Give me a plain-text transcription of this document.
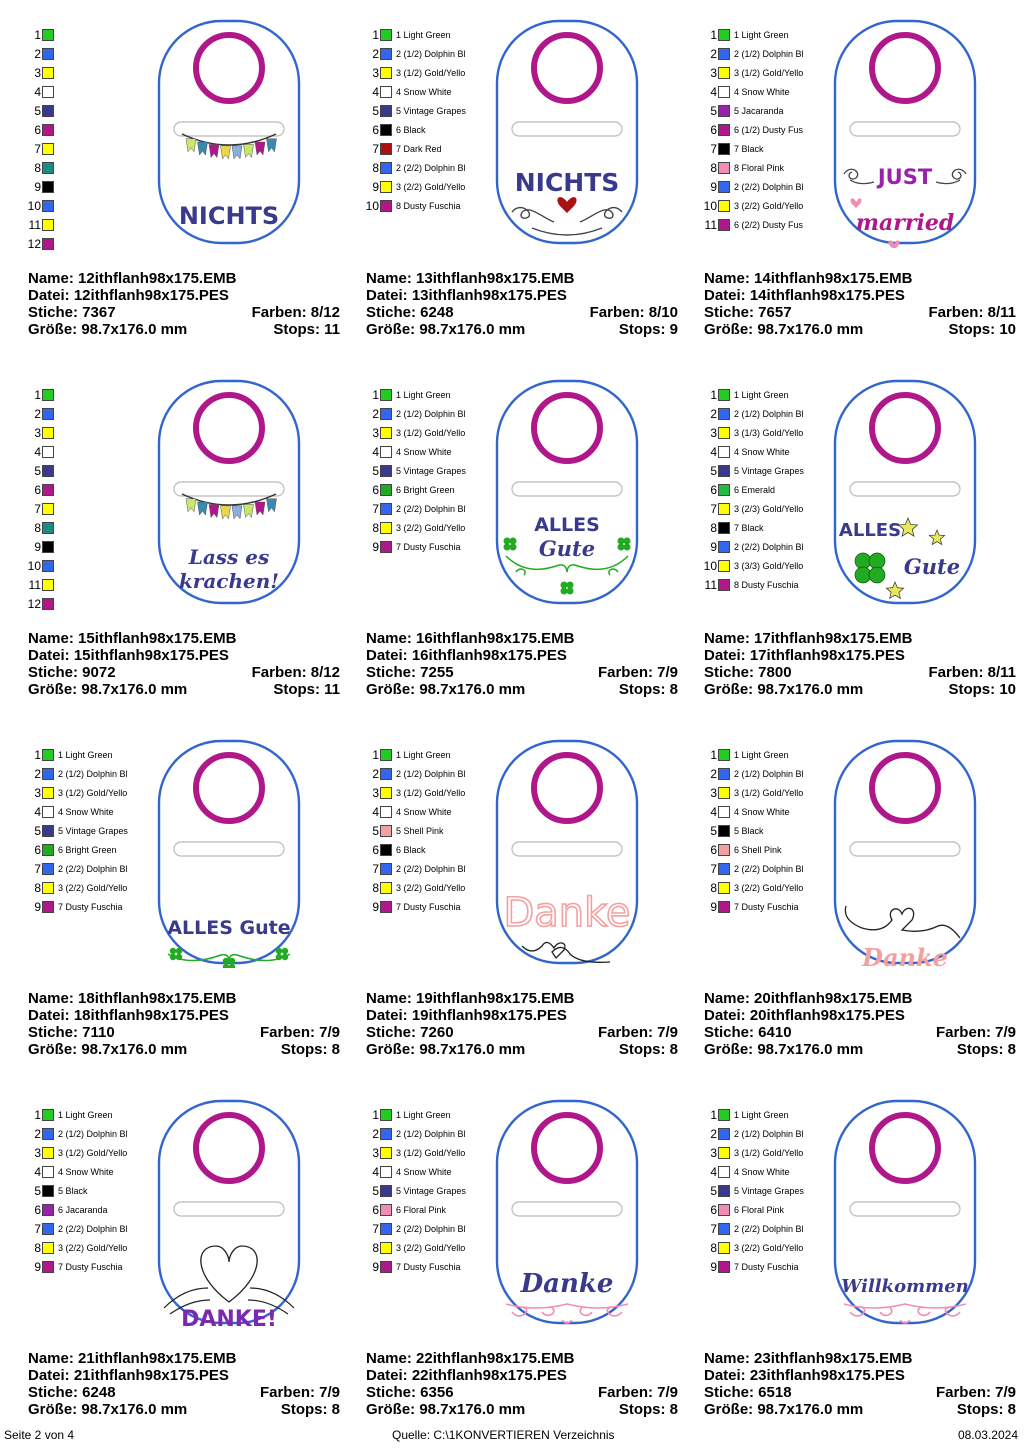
1
2
3
4
5
6
7
8
9
10
11
12
NICHTS
Name: 12ithflanh98x175.EMB
Datei: 12ithflanh98x175.PES
Stiche: 7367	Farben: 8/12
Größe: 98.7x176.0 mm	Stops: 11
1 1 Light Green
2 2 (1/2) Dolphin Bl
3 3 (1/2) Gold/Yello
4 4 Snow White
5 5 Vintage Grapes
6 6 Black
7 7 Dark Red
8 2 (2/2) Dolphin Bl
9 3 (2/2) Gold/Yello
10 8 Dusty Fuschia
NICHTS
Name: 13ithflanh98x175.EMB
Datei: 13ithflanh98x175.PES
Stiche: 6248	Farben: 8/10
Größe: 98.7x176.0 mm	Stops: 9
1 1 Light Green
2 2 (1/2) Dolphin Bl
3 3 (1/2) Gold/Yello
4 4 Snow White
5 5 Jacaranda
6 6 (1/2) Dusty Fus
7 7 Black
8 8 Floral Pink
9 2 (2/2) Dolphin Bl
10 3 (2/2) Gold/Yello
11 6 (2/2) Dusty Fus
JUST
married
Name: 14ithflanh98x175.EMB
Datei: 14ithflanh98x175.PES
Stiche: 7657	Farben: 8/11
Größe: 98.7x176.0 mm	Stops: 10
1
2
3
4
5
6
7
8
9
10
11
12
Lass es
krachen!
Name: 15ithflanh98x175.EMB
Datei: 15ithflanh98x175.PES
Stiche: 9072	Farben: 8/12
Größe: 98.7x176.0 mm	Stops: 11
1 1 Light Green
2 2 (1/2) Dolphin Bl
3 3 (1/2) Gold/Yello
4 4 Snow White
5 5 Vintage Grapes
6 6 Bright Green
7 2 (2/2) Dolphin Bl
8 3 (2/2) Gold/Yello
9 7 Dusty Fuschia
ALLES
Gute
Name: 16ithflanh98x175.EMB
Datei: 16ithflanh98x175.PES
Stiche: 7255	Farben: 7/9
Größe: 98.7x176.0 mm	Stops: 8
1 1 Light Green
2 2 (1/2) Dolphin Bl
3 3 (1/3) Gold/Yello
4 4 Snow White
5 5 Vintage Grapes
6 6 Emerald
7 3 (2/3) Gold/Yello
8 7 Black
9 2 (2/2) Dolphin Bl
10 3 (3/3) Gold/Yello
11 8 Dusty Fuschia
ALLES
Gute
Name: 17ithflanh98x175.EMB
Datei: 17ithflanh98x175.PES
Stiche: 7800	Farben: 8/11
Größe: 98.7x176.0 mm	Stops: 10
1 1 Light Green
2 2 (1/2) Dolphin Bl
3 3 (1/2) Gold/Yello
4 4 Snow White
5 5 Vintage Grapes
6 6 Bright Green
7 2 (2/2) Dolphin Bl
8 3 (2/2) Gold/Yello
9 7 Dusty Fuschia
ALLES Gute
Name: 18ithflanh98x175.EMB
Datei: 18ithflanh98x175.PES
Stiche: 7110	Farben: 7/9
Größe: 98.7x176.0 mm	Stops: 8
1 1 Light Green
2 2 (1/2) Dolphin Bl
3 3 (1/2) Gold/Yello
4 4 Snow White
5 5 Shell Pink
6 6 Black
7 2 (2/2) Dolphin Bl
8 3 (2/2) Gold/Yello
9 7 Dusty Fuschia	Danke
Name: 19ithflanh98x175.EMB
Datei: 19ithflanh98x175.PES
Stiche: 7260	Farben: 7/9
Größe: 98.7x176.0 mm	Stops: 8
1 1 Light Green
2 2 (1/2) Dolphin Bl
3 3 (1/2) Gold/Yello
4 4 Snow White
5 5 Black
6 6 Shell Pink
7 2 (2/2) Dolphin Bl
8 3 (2/2) Gold/Yello
9 7 Dusty Fuschia
Danke
Name: 20ithflanh98x175.EMB
Datei: 20ithflanh98x175.PES
Stiche: 6410	Farben: 7/9
Größe: 98.7x176.0 mm	Stops: 8
1 1 Light Green
2 2 (1/2) Dolphin Bl
3 3 (1/2) Gold/Yello
4 4 Snow White
5 5 Black
6 6 Jacaranda
7 2 (2/2) Dolphin Bl
8 3 (2/2) Gold/Yello
9 7 Dusty Fuschia
DANKE!
Name: 21ithflanh98x175.EMB
Datei: 21ithflanh98x175.PES
Stiche: 6248	Farben: 7/9
Größe: 98.7x176.0 mm	Stops: 8
1 1 Light Green
2 2 (1/2) Dolphin Bl
3 3 (1/2) Gold/Yello
4 4 Snow White
5 5 Vintage Grapes
6 6 Floral Pink
7 2 (2/2) Dolphin Bl
8 3 (2/2) Gold/Yello
9 7 Dusty Fuschia
Danke
Name: 22ithflanh98x175.EMB
Datei: 22ithflanh98x175.PES
Stiche: 6356	Farben: 7/9
Größe: 98.7x176.0 mm	Stops: 8
1 1 Light Green
2 2 (1/2) Dolphin Bl
3 3 (1/2) Gold/Yello
4 4 Snow White
5 5 Vintage Grapes
6 6 Floral Pink
7 2 (2/2) Dolphin Bl
8 3 (2/2) Gold/Yello
9 7 Dusty Fuschia
Willkommen
Name: 23ithflanh98x175.EMB
Datei: 23ithflanh98x175.PES
Stiche: 6518	Farben: 7/9
Größe: 98.7x176.0 mm	Stops: 8
Seite 2 von 4	Quelle: C:\1KONVERTIEREN Verzeichnis	08.03.2024
